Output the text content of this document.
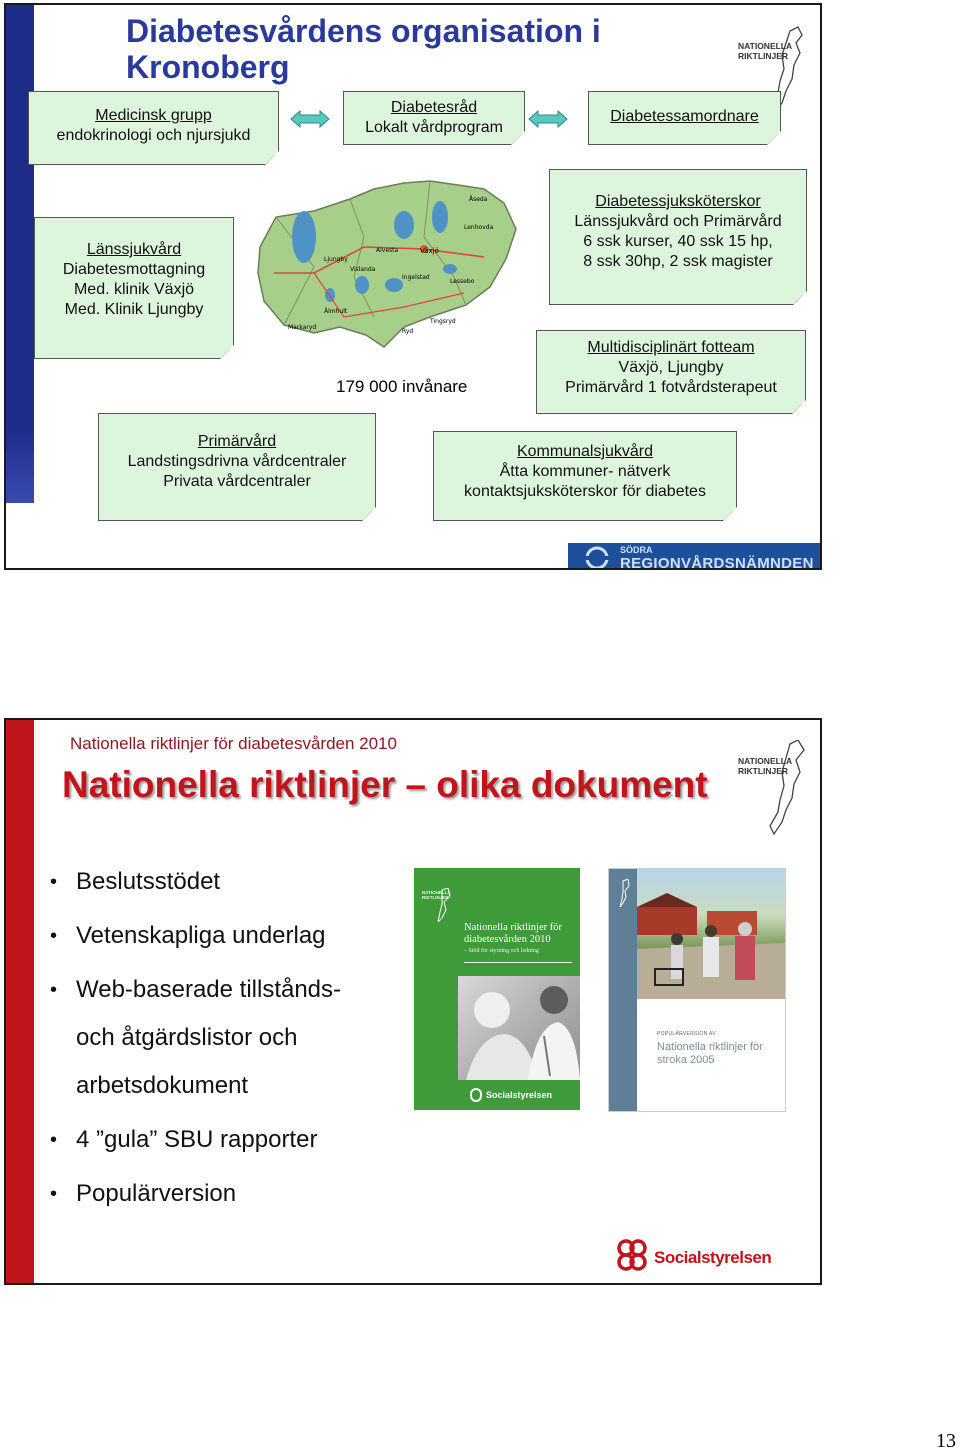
Diabetesvårdens organisation i Kronoberg
NATIONELLA RIKTLINJER
Medicinsk grupp
endokrinologi och njursjukd
Diabetesråd
Lokalt vårdprogram
Diabetessamordnare
Länssjukvård
Diabetesmottagning
Med. klinik Växjö
Med. Klinik Ljungby
Åseda
Lenhovda
Alvesta	Växjö
Ljungby
Vislanda
Ingelstad
Lessebo
Älmhult
Markaryd
Tingsryd
Ryd
Diabetessjuksköterskor
Länssjukvård och Primärvård
6 ssk kurser, 40 ssk 15 hp,
8 ssk 30hp, 2 ssk magister
179 000 invånare
Multidisciplinärt fotteam
Växjö, Ljungby
Primärvård 1 fotvårdsterapeut
Primärvård
Landstingsdrivna vårdcentraler
Privata vårdcentraler
Kommunalsjukvård
Åtta kommuner- nätverk
kontaktsjuksköterskor för diabetes
SÖDRA
REGIONVÅRDSNÄMNDEN
Nationella riktlinjer för diabetesvården 2010
Nationella riktlinjer – olika dokument
NATIONELLA RIKTLINJER
• Beslutsstödet
• Vetenskapliga underlag
• Web-baserade tillstånds- och åtgärdslistor och arbetsdokument
• 4 ”gula” SBU rapporter
• Populärversion
NATIONELLA RIKTLINJER
Nationella riktlinjer för diabetesvården 2010
– Stöd för styrning och ledning
Socialstyrelsen
POPULÄRVERSION AV
Nationella riktlinjer för stroka 2005
Socialstyrelsen
13
